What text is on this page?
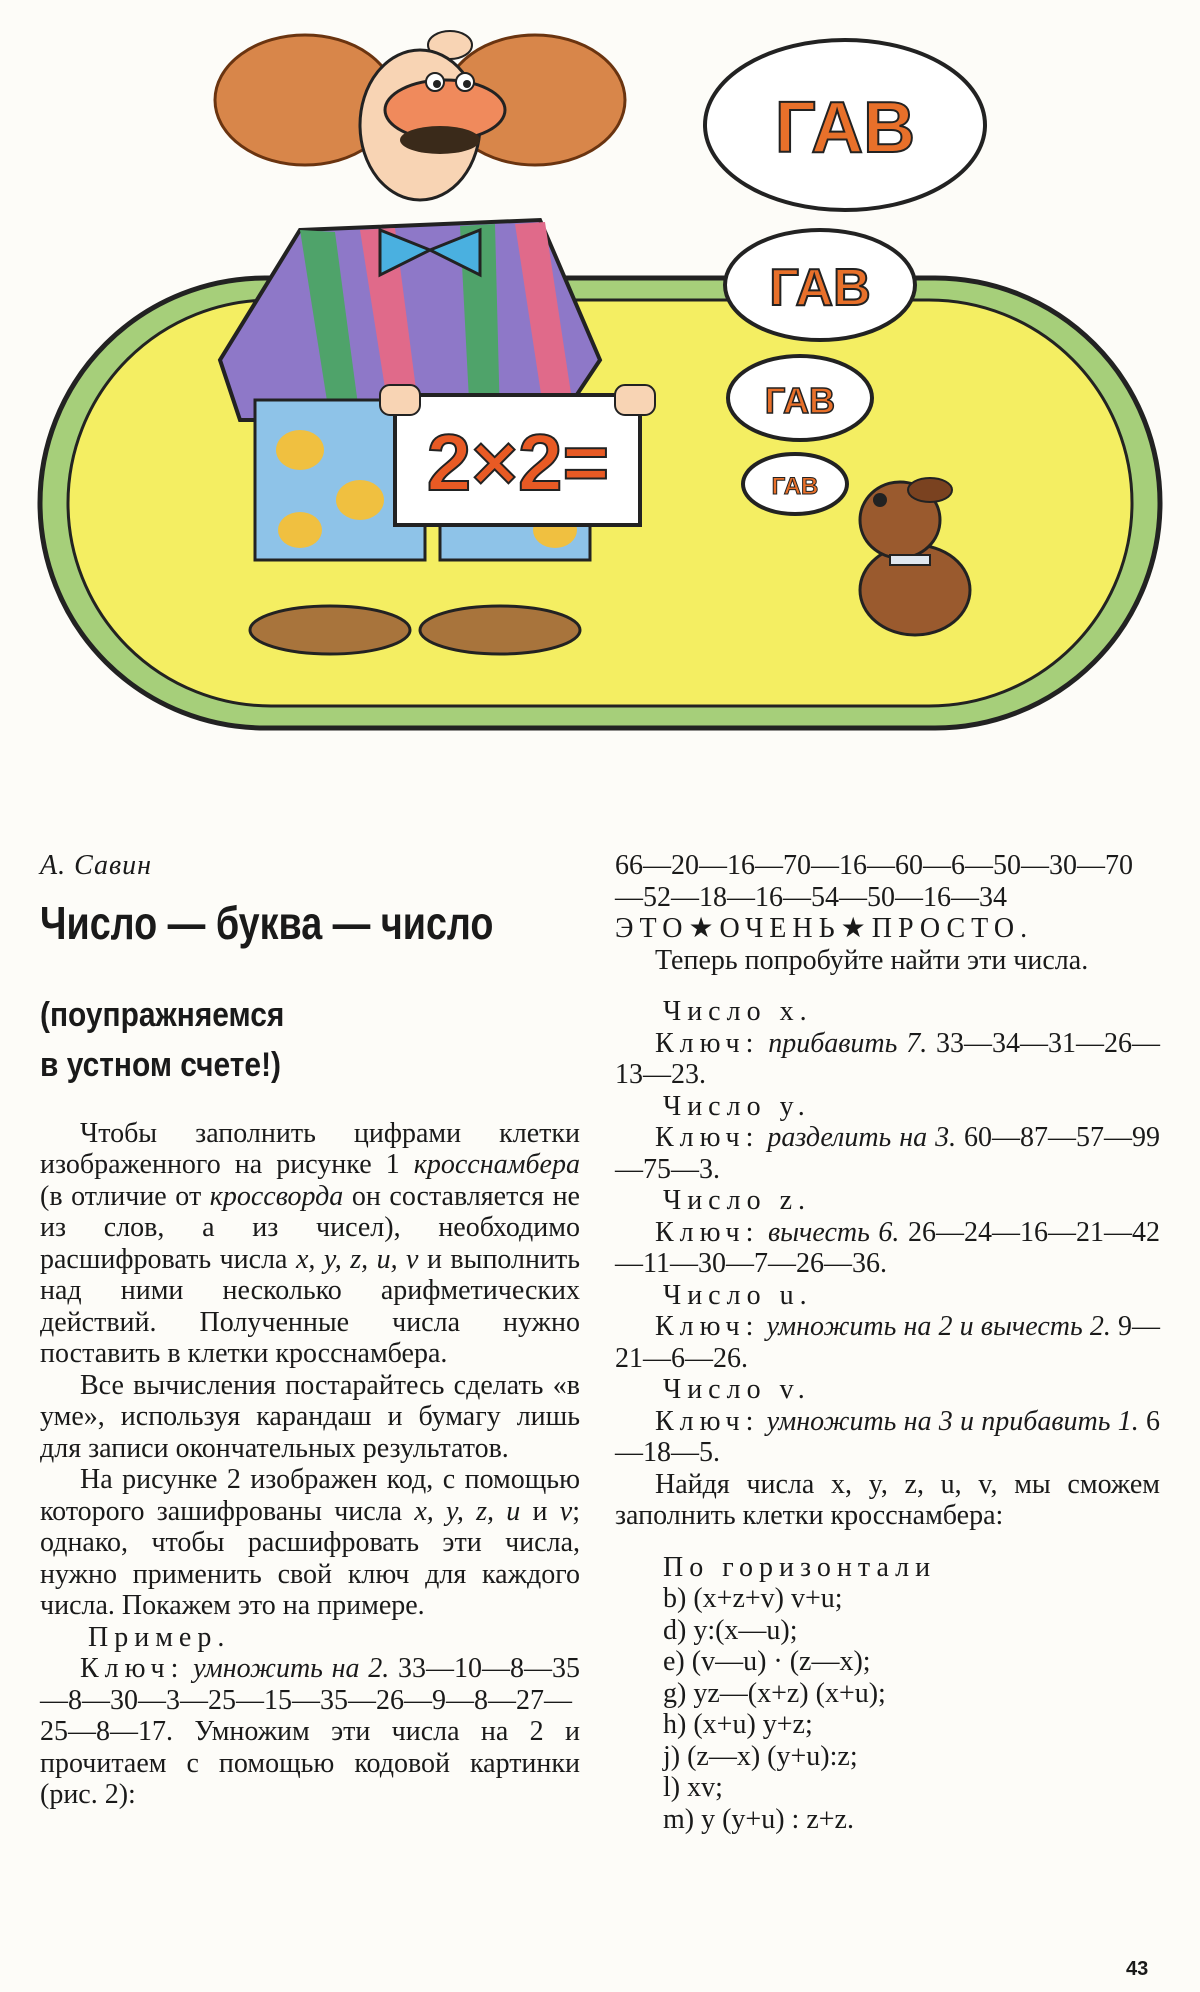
2×2=
ГАВ
ГАВ
ГАВ
ГАВ

А. Савин

Число — буква — число

(поупражняемся
в устном счете!)

Чтобы заполнить цифрами клетки изображенного на рисунке 1 кросснамбера (в отличие от кроссворда он составляется не из слов, а из чисел), необходимо расшифровать числа x, y, z, u, v и выполнить над ними несколько арифметических действий. Полученные числа нужно поставить в клетки кросснамбера.

Все вычисления постарайтесь сделать «в уме», используя карандаш и бумагу лишь для записи окончательных результатов.

На рисунке 2 изображен код, с помощью которого зашифрованы числа x, y, z, u и v; однако, чтобы расшифровать эти числа, нужно применить свой ключ для каждого числа. Покажем это на примере.

Пример.

Ключ: умножить на 2. 33—10—8—35—8—30—3—25—15—35—26—9—8—27—25—8—17. Умножим эти числа на 2 и прочитаем с помощью кодовой картинки (рис. 2):

66—20—16—70—16—60—6—50—30—70—52—18—16—54—50—16—34

ЭТО★ОЧЕНЬ★ПРОСТО.

Теперь попробуйте найти эти числа.

Число x.

Ключ: прибавить 7. 33—34—31—26—13—23.

Число y.

Ключ: разделить на 3. 60—87—57—99—75—3.

Число z.

Ключ: вычесть 6. 26—24—16—21—42—11—30—7—26—36.

Число u.

Ключ: умножить на 2 и вычесть 2. 9—21—6—26.

Число v.

Ключ: умножить на 3 и прибавить 1. 6—18—5.

Найдя числа x, y, z, u, v, мы сможем заполнить клетки кросснамбера:

По горизонтали

b) (x+z+v) v+u;

d) y:(x—u);

e) (v—u) · (z—x);

g) yz—(x+z) (x+u);

h) (x+u) y+z;

j) (z—x) (y+u):z;

l) xv;

m) y (y+u) : z+z.

43
